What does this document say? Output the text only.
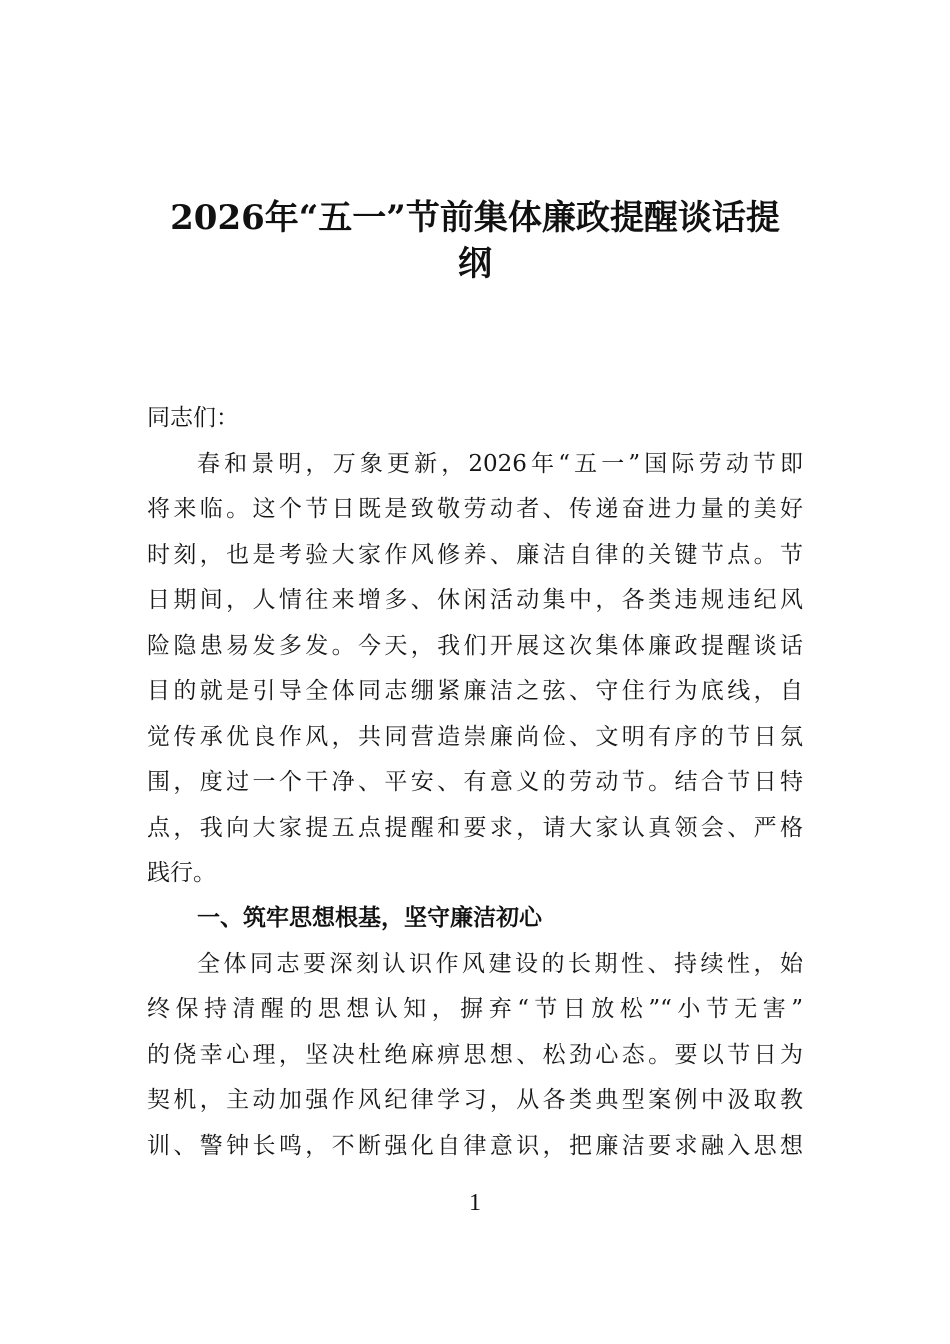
2026年“五一”节前集体廉政提醒谈话提
纲
同志们：
春和景明，万象更新，2026年“五一”国际劳动节即
将来临。这个节日既是致敬劳动者、传递奋进力量的美好
时刻，也是考验大家作风修养、廉洁自律的关键节点。节
日期间，人情往来增多、休闲活动集中，各类违规违纪风
险隐患易发多发。今天，我们开展这次集体廉政提醒谈话
目的就是引导全体同志绷紧廉洁之弦、守住行为底线，自
觉传承优良作风，共同营造崇廉尚俭、文明有序的节日氛
围，度过一个干净、平安、有意义的劳动节。结合节日特
点，我向大家提五点提醒和要求，请大家认真领会、严格
践行。
一、筑牢思想根基，坚守廉洁初心
全体同志要深刻认识作风建设的长期性、持续性，始
终保持清醒的思想认知，摒弃“节日放松”“小节无害”
的侥幸心理，坚决杜绝麻痹思想、松劲心态。要以节日为
契机，主动加强作风纪律学习，从各类典型案例中汲取教
训、警钟长鸣，不断强化自律意识，把廉洁要求融入思想
1
